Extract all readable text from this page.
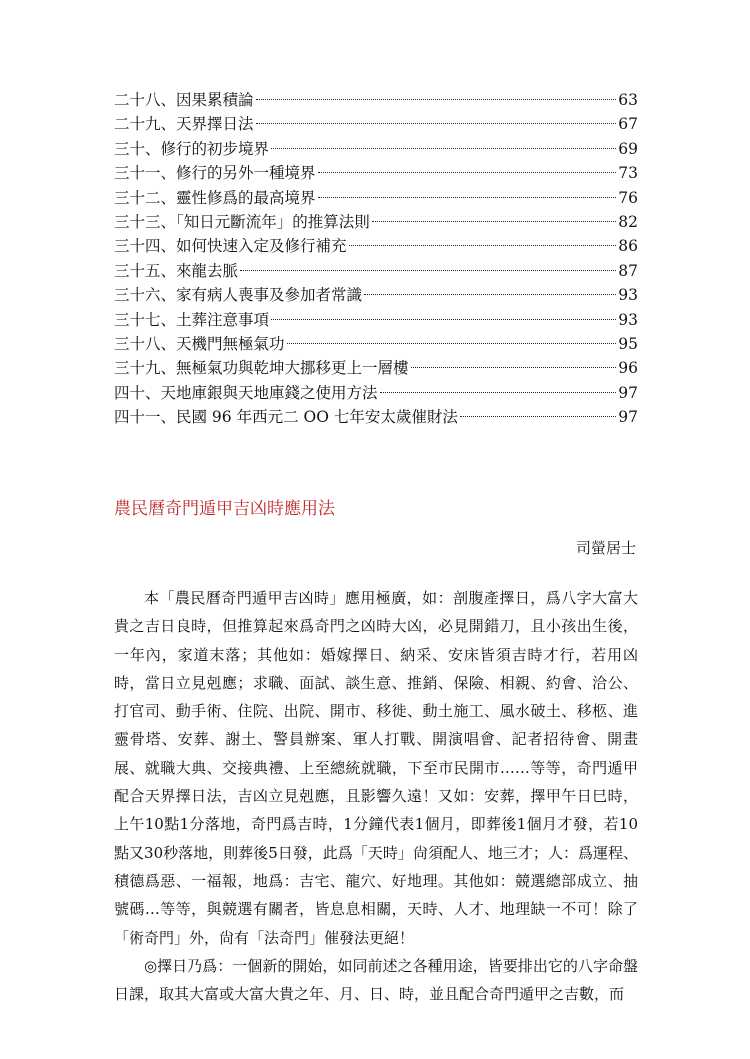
二十八、因果累積論	63
二十九、天界擇日法	67
三十、修行的初步境界	69
三十一、修行的另外一種境界	73
三十二、靈性修爲的最高境界	76
三十三、「知日元斷流年」的推算法則	82
三十四、如何快速入定及修行補充	86
三十五、來龍去脈	87
三十六、家有病人喪事及參加者常識	93
三十七、土葬注意事項	93
三十八、天機門無極氣功	95
三十九、無極氣功與乾坤大挪移更上一層樓	96
四十、天地庫銀與天地庫錢之使用方法	97
四十一、民國 96 年西元二 OO 七年安太歲催財法	97
農民曆奇門遁甲吉凶時應用法
司螢居士

本「農民曆奇門遁甲吉凶時」應用極廣，如：剖腹產擇日，爲八字大富大貴之吉日良時，但推算起來爲奇門之凶時大凶，必見開錯刀，且小孩出生後，一年內，家道末落；其他如：婚嫁擇日、納采、安床皆須吉時才行，若用凶時，當日立見剋應；求職、面試、談生意、推銷、保險、相親、約會、洽公、打官司、動手術、住院、出院、開市、移徙、動土施工、風水破土、移柩、進靈骨塔、安葬、謝土、警員辦案、軍人打戰、開演唱會、記者招待會、開畫展、就職大典、交接典禮、上至總統就職，下至市民開市……等等，奇門遁甲配合天界擇日法，吉凶立見剋應，且影響久遠！又如：安葬，擇甲午日巳時，上午10點1分落地，奇門爲吉時，1分鐘代表1個月，即葬後1個月才發，若10點又30秒落地，則葬後5日發，此爲「天時」尙須配人、地三才；人：爲運程、積德爲惡、一福報，地爲：吉宅、龍穴、好地理。其他如：競選總部成立、抽號碼…等等，與競選有關者，皆息息相關，天時、人才、地理缺一不可！除了「術奇門」外，尙有「法奇門」催發法更絕！

◎擇日乃爲：一個新的開始，如同前述之各種用途，皆要排出它的八字命盤日課，取其大富或大富大貴之年、月、日、時，並且配合奇門遁甲之吉數，而
